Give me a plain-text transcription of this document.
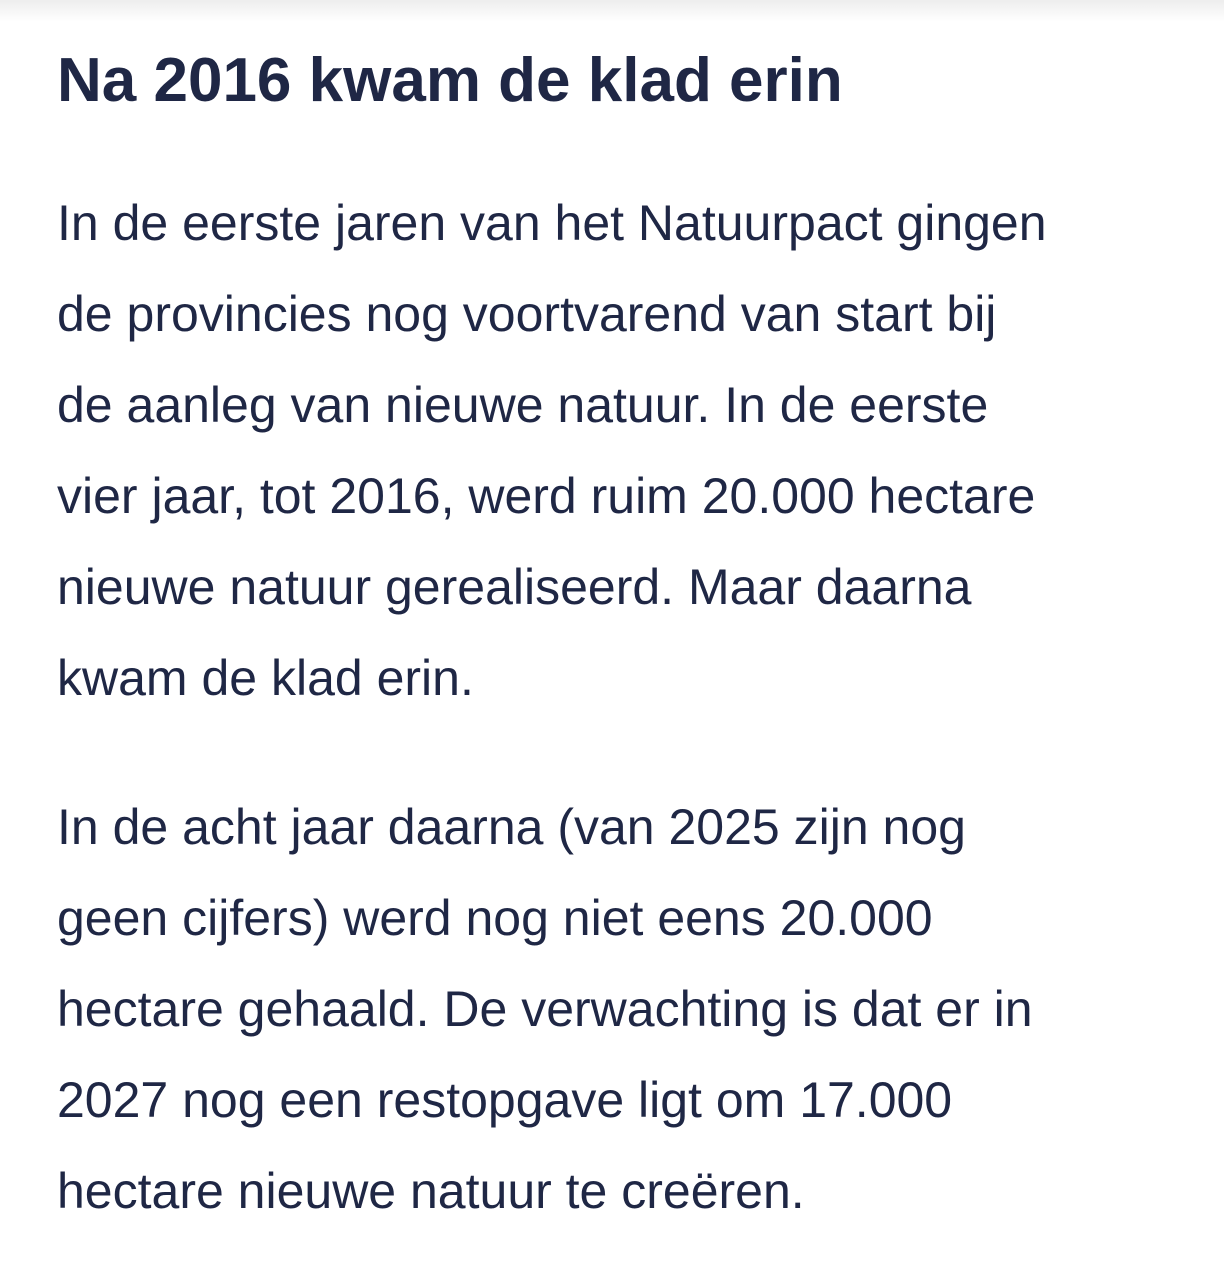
Na 2016 kwam de klad erin

In de eerste jaren van het Natuurpact gingen
de provincies nog voortvarend van start bij
de aanleg van nieuwe natuur. In de eerste
vier jaar, tot 2016, werd ruim 20.000 hectare
nieuwe natuur gerealiseerd. Maar daarna
kwam de klad erin.

In de acht jaar daarna (van 2025 zijn nog
geen cijfers) werd nog niet eens 20.000
hectare gehaald. De verwachting is dat er in
2027 nog een restopgave ligt om 17.000
hectare nieuwe natuur te creëren.
